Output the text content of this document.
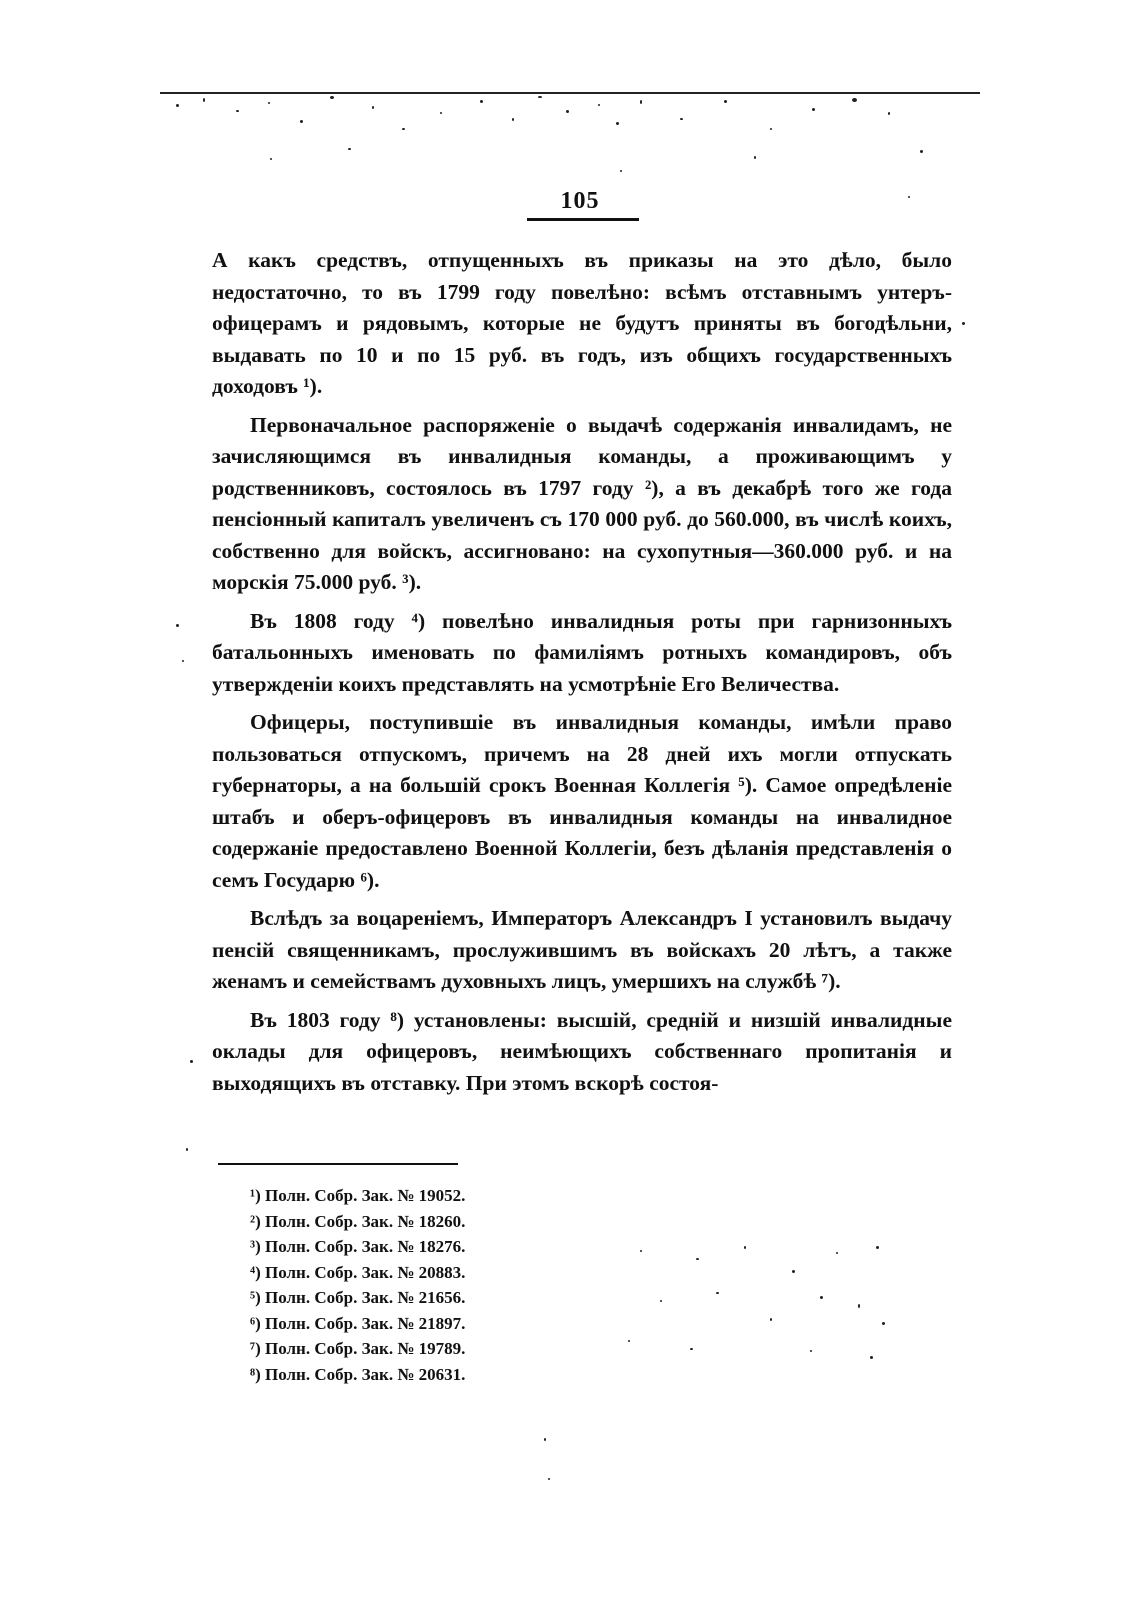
105

А какъ средствъ, отпущенныхъ въ приказы на это дѣло, было недостаточно, то въ 1799 году повелѣно: всѣмъ отставнымъ унтеръ-офицерамъ и рядовымъ, которые не будутъ приняты въ богодѣльни, выдавать по 10 и по 15 руб. въ годъ, изъ общихъ государственныхъ доходовъ ¹).

Первоначальное распоряженіе о выдачѣ содержанія инвалидамъ, не зачисляющимся въ инвалидныя команды, а проживающимъ у родственниковъ, состоялось въ 1797 году ²), а въ декабрѣ того же года пенсіонный капиталъ увеличенъ съ 170 000 руб. до 560.000, въ числѣ коихъ, собственно для войскъ, ассигновано: на сухопутныя—360.000 руб. и на морскія 75.000 руб. ³).

Въ 1808 году ⁴) повелѣно инвалидныя роты при гарнизонныхъ батальонныхъ именовать по фамиліямъ ротныхъ командировъ, объ утвержденіи коихъ представлять на усмотрѣніе Его Величества.

Офицеры, поступившіе въ инвалидныя команды, имѣли право пользоваться отпускомъ, причемъ на 28 дней ихъ могли отпускать губернаторы, а на большій срокъ Военная Коллегія ⁵). Самое опредѣленіе штабъ и оберъ-офицеровъ въ инвалидныя команды на инвалидное содержаніе предоставлено Военной Коллегіи, безъ дѣланія представленія о семъ Государю ⁶).

Вслѣдъ за воцареніемъ, Императоръ Александръ I установилъ выдачу пенсій священникамъ, прослужившимъ въ войскахъ 20 лѣтъ, а также женамъ и семействамъ духовныхъ лицъ, умершихъ на службѣ ⁷).

Въ 1803 году ⁸) установлены: высшій, средній и низшій инвалидные оклады для офицеровъ, неимѣющихъ собственнаго пропитанія и выходящихъ въ отставку. При этомъ вскорѣ состоя-

¹) Полн. Собр. Зак. № 19052.
²) Полн. Собр. Зак. № 18260.
³) Полн. Собр. Зак. № 18276.
⁴) Полн. Собр. Зак. № 20883.
⁵) Полн. Собр. Зак. № 21656.
⁶) Полн. Собр. Зак. № 21897.
⁷) Полн. Собр. Зак. № 19789.
⁸) Полн. Собр. Зак. № 20631.
